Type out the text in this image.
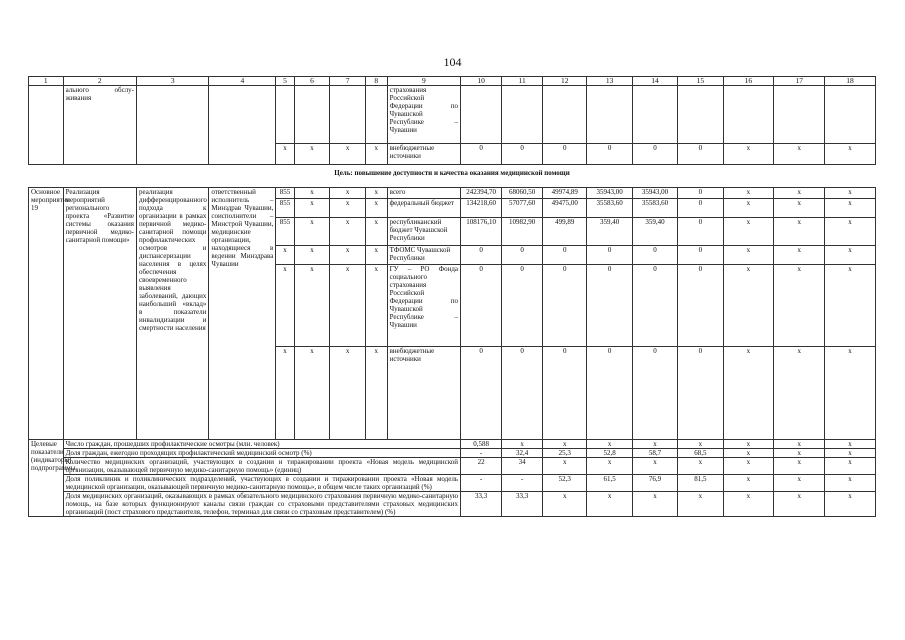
104
1	2	3	4	5	6	7	8	9	10	11	12	13	14	15	16	17	18
	ального обслу-живания							страхования Российской Федерации по Чувашской Республике – Чувашии									
				х	х	х	х	внебюджетные источники	0	0	0	0	0	0	х	х	х

Цель: повышение доступности и качества оказания медицинской помощи																	

Основное мероприятие 19	Реализация мероприятий регионального проекта «Развитие системы оказания первичной медико-санитарной помощи»	реализация дифференцированного подхода к организации в рамках первичной медико-санитарной помощи профилактических осмотров и диспансеризации населения в целях обеспечения своевременного выявления заболеваний, дающих наибольший «вклад» в показатели инвалидизации и смертности населения	ответственный исполнитель – Минздрав Чувашии, соисполнители – Минстрой Чувашии, медицинские организации, находящиеся в ведении Минздрава Чувашии	855	х	х	х	всего	242394,70	68060,50	49974,89	35943,00	35943,00	0	х	х	х
				855	х	х	х	федеральный бюджет	134218,60	57077,60	49475,00	35583,60	35583,60	0	х	х	х
				855	х	х	х	республиканский бюджет Чувашской Республики	108176,10	10982,90	499,89	359,40	359,40	0	х	х	х
				х	х	х	х	ТФОМС Чувашской Республики	0	0	0	0	0	0	х	х	х
				х	х	х	х	ГУ – РО Фонда социального страхования Российской Федерации по Чувашской Республике – Чувашии	0	0	0	0	0	0	х	х	х
				х	х	х	х	внебюджетные источники	0	0	0	0	0	0	х	х	х
Целевые показатели (индикаторы) подпрограммы,	Число граждан, прошедших профилактические осмотры (млн. человек)								0,588	х	х	х	х	х	х	х	х
	Доля граждан, ежегодно проходящих профилактический медицинский осмотр (%)								-	32,4	25,3	52,8	58,7	68,5	х	х	х
	Количество медицинских организаций, участвующих в создании и тиражировании проекта «Новая модель медицинской организации, оказывающей первичную медико-санитарную помощь» (единиц)								22	34	х	х	х	х	х	х	х
	Доля поликлиник и поликлинических подразделений, участвующих в создании и тиражировании проекта «Новая модель медицинской организации, оказывающей первичную медико-санитарную помощь», в общем числе таких организаций (%)								-	-	52,3	61,5	76,9	81,5	х	х	х
	Доля медицинских организаций, оказывающих в рамках обязательного медицинского страхования первичную медико-санитарную помощь, на базе которых функционируют каналы связи граждан со страховыми представителями страховых медицинских организаций (пост страхового представителя, телефон, терминал для связи со страховым представителем) (%)								33,3	33,3	х	х	х	х	х	х	х
